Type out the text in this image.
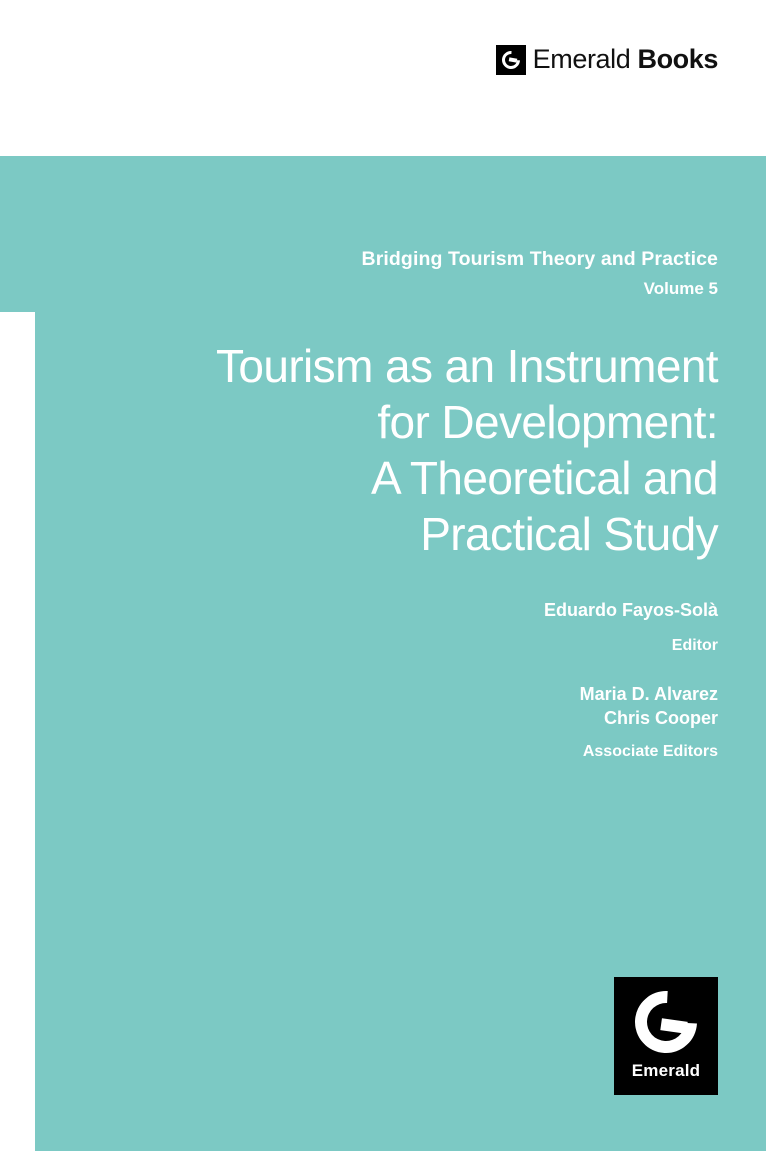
Emerald Books
Bridging Tourism Theory and Practice
Volume 5
Tourism as an Instrument
for Development:
A Theoretical and
Practical Study
Eduardo Fayos-Solà
Editor
Maria D. Alvarez
Chris Cooper
Associate Editors
Emerald
